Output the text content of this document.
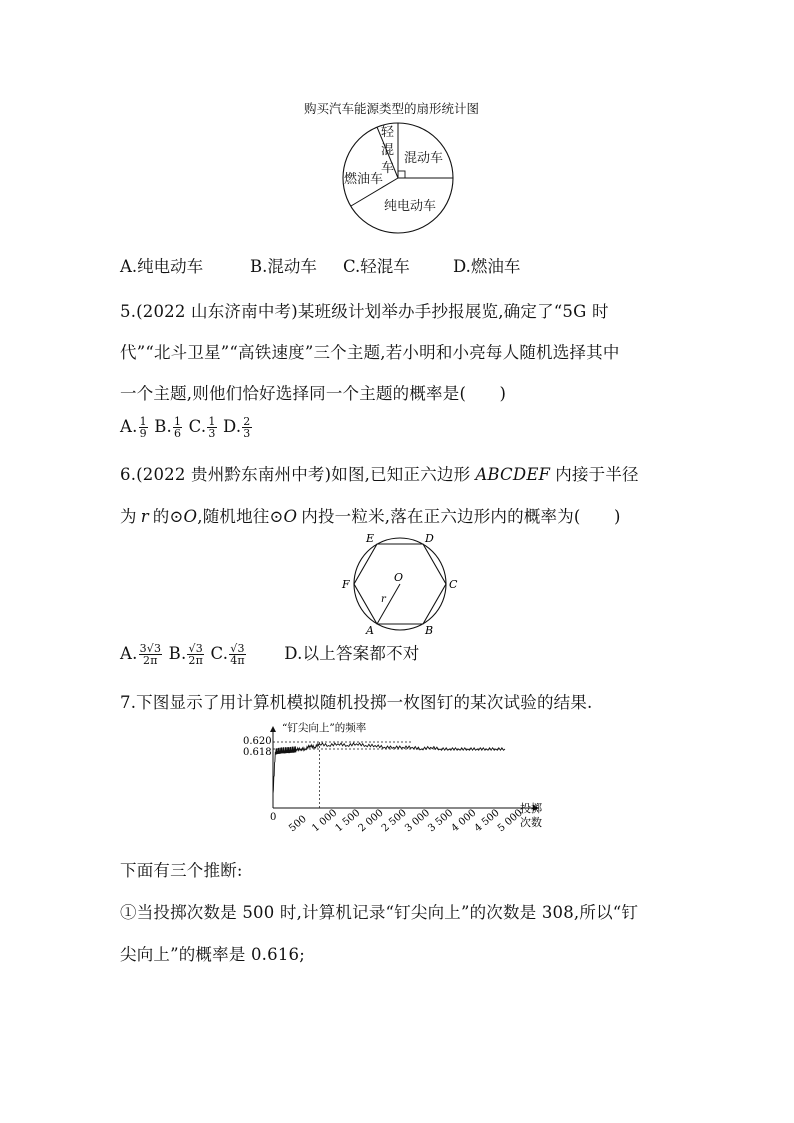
购买汽车能源类型的扇形统计图
轻
混
车
混动车
燃油车
纯电动车
A.纯电动车	B.混动车 C.轻混车	D.燃油车
5.(2022 山东济南中考)某班级计划举办手抄报展览,确定了“5G 时
代”“北斗卫星”“高铁速度”三个主题,若小明和小亮每人随机选择其中
一个主题,则他们恰好选择同一个主题的概率是(　　)
A. $\frac{1}{9} B$. $\frac{1}{6} C$. $\frac{1}{3} D$. $\frac{2}{3}$
6.(2022 贵州黔东南州中考)如图,已知正六边形 ABCDEF 内接于半径
为 r 的⊙O,随机地往⊙O 内投一粒米,落在正六边形内的概率为(　　)
E	D
F	C
A	B
O
r
A. $\frac{3√3}{2\pi} B$. $\frac{√3}{2\pi} C$. $\frac{√3}{4\pi} D$.以上答案都不对
7.下图显示了用计算机模拟随机投掷一枚图钉的某次试验的结果.
0.620
0.618
“钉尖向上”的频率
0 500 1 000
1 500
2 000
2 500
3 000
3 500
4 000
4 500
5 000
投掷
次数
下面有三个推断:
①当投掷次数是 500 时,计算机记录“钉尖向上”的次数是 308,所以“钉
尖向上”的概率是 0.616;
